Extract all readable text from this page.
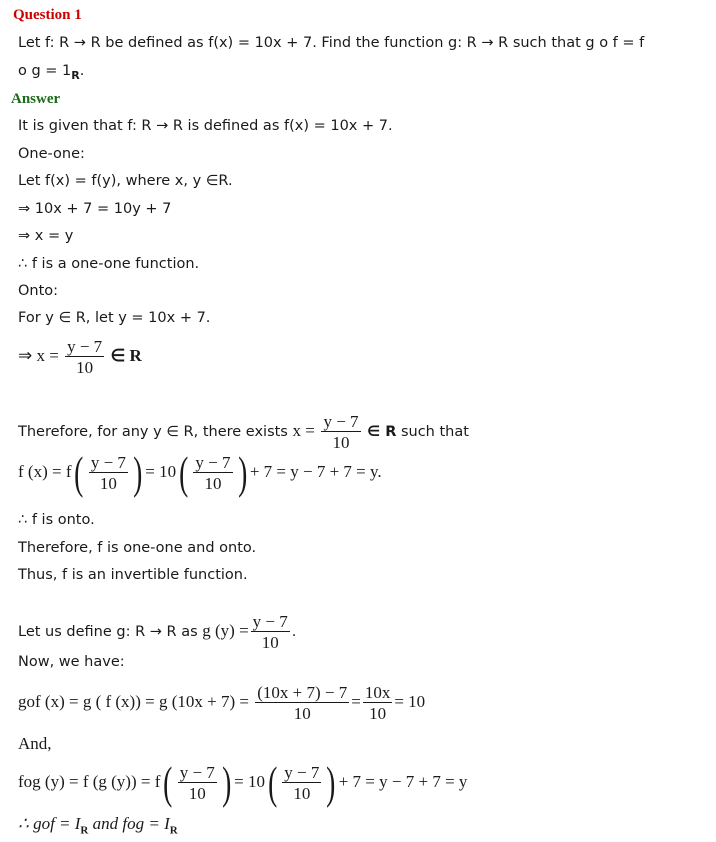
Question 1
Let f: R → R be defined as f(x) = 10x + 7. Find the function g: R → R such that g o f = f
o $g = 1_R$.
Answer
It is given that f: R → R is defined as f(x) = 10x + 7.
One-one:
Let f(x) = f(y), where x, y ∈R.
⇒ 10x + 7 = 10y + 7
⇒ x = y
∴ f is a one-one function.
Onto:
For y ∈ R, let y = 10x + 7.
⇒ $x = \frac{y - 7}{10}$ ∈ R
Therefore, for any y ∈ R, there exists $x = \frac{y - 7}{10}$ ∈ R such that
f $(x) = f( \frac{y - 7}{10}$ ) = $10( \frac{y - 7}{10}$ ) + 7 = y − 7 + 7 = y.
∴ f is onto.
Therefore, f is one-one and onto.
Thus, f is an invertible function.
Let us define g: R → R as g $(y) = \frac{y - 7}{10}$ .
Now, we have:
gof (x) = g ( f (x)) = g $(10x + 7) = \frac{(10x + 7) - 7}{10} = \frac{10x}{10} = 10$
And,
fog (y) = f (g $(y)) = f( \frac{y - 7}{10}$ ) = $10( \frac{y - 7}{10}$ ) + 7 = y − 7 + 7 = y
∴ gof = $I_R$ and fog = $I_R$
